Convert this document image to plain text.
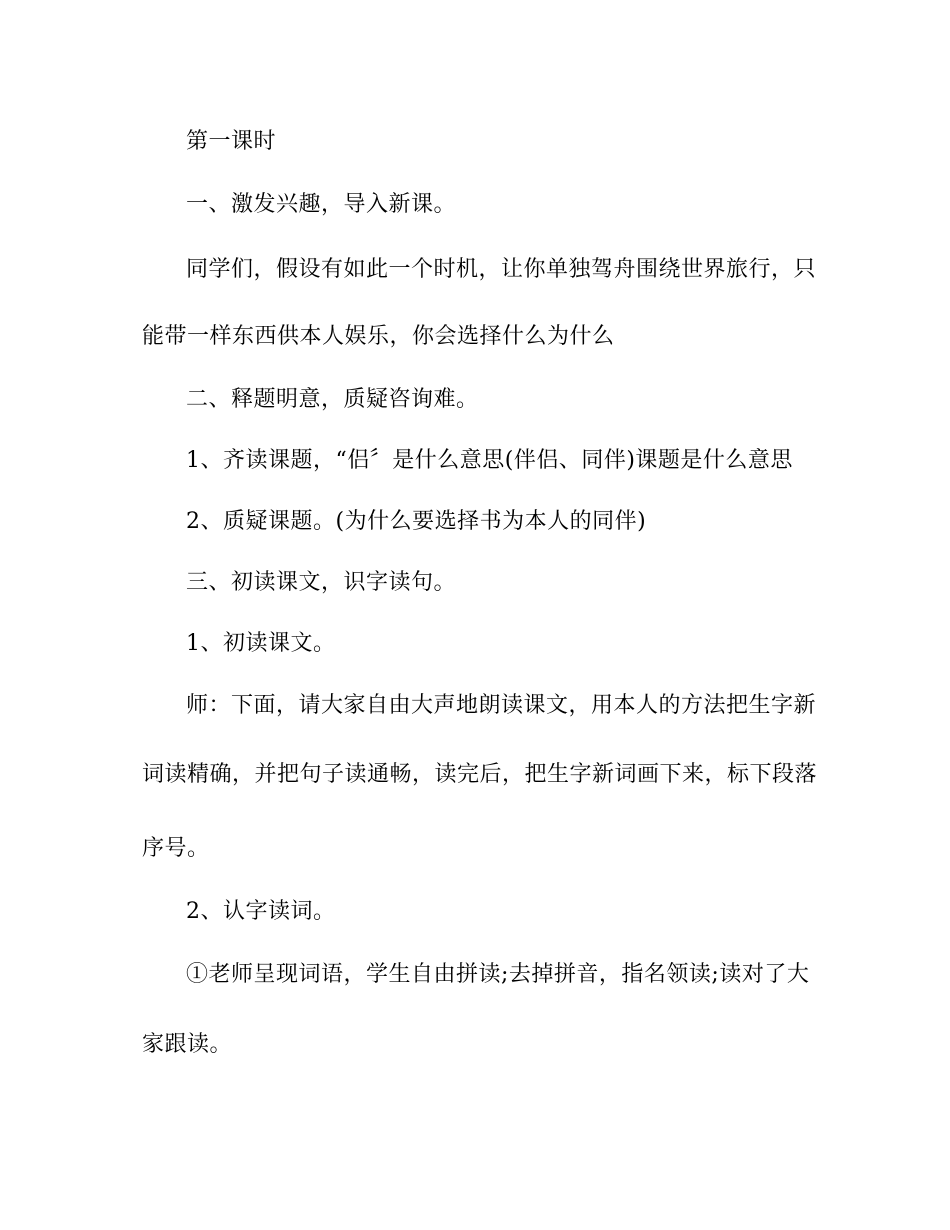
第一课时
一、激发兴趣，导入新课。
同学们，假设有如此一个时机，让你单独驾舟围绕世界旅行，只
能带一样东西供本人娱乐，你会选择什么为什么
二、释题明意，质疑咨询难。
1、齐读课题，“侣〞是什么意思(伴侣、同伴)课题是什么意思
2、质疑课题。(为什么要选择书为本人的同伴)
三、初读课文，识字读句。
1、初读课文。
师：下面，请大家自由大声地朗读课文，用本人的方法把生字新
词读精确，并把句子读通畅，读完后，把生字新词画下来，标下段落
序号。
2、认字读词。
①老师呈现词语，学生自由拼读;去掉拼音，指名领读;读对了大
家跟读。
